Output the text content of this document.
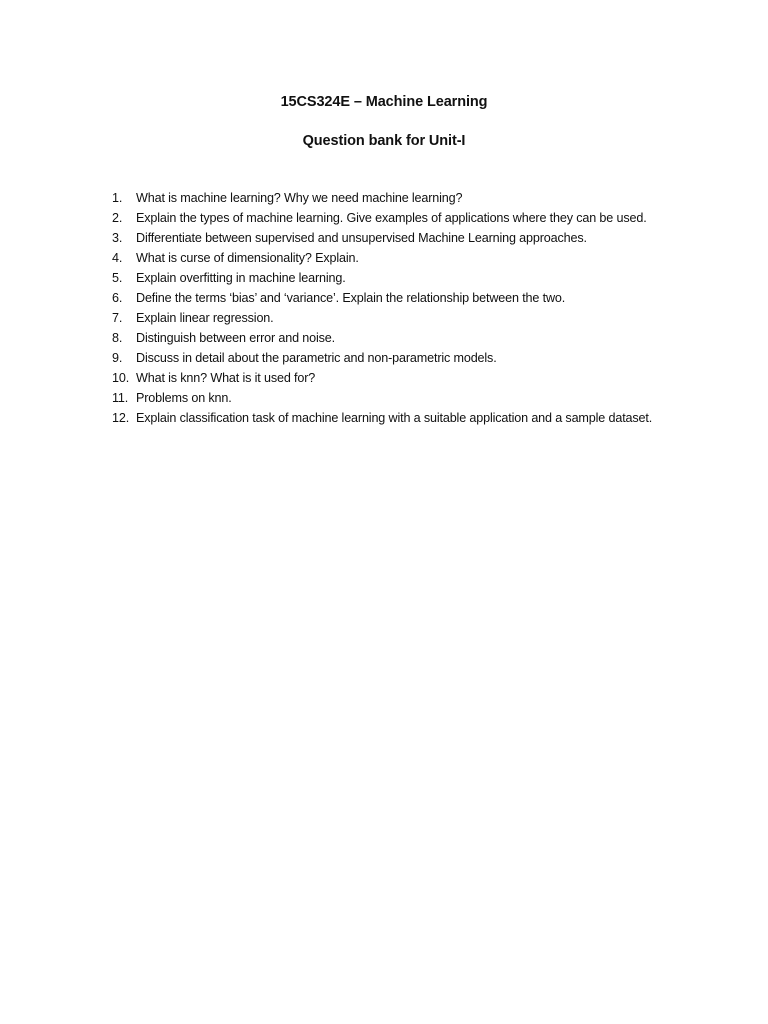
15CS324E – Machine Learning
Question bank for Unit-I
1.	What is machine learning? Why we need machine learning?
2.	Explain the types of machine learning. Give examples of applications where they can be used.
3.	Differentiate between supervised and unsupervised Machine Learning approaches.
4.	What is curse of dimensionality? Explain.
5.	Explain overfitting in machine learning.
6.	Define the terms ‘bias’ and ‘variance’. Explain the relationship between the two.
7.	Explain linear regression.
8.	Distinguish between error and noise.
9.	Discuss in detail about the parametric and non-parametric models.
10. What is knn? What is it used for?
11. Problems on knn.
12. Explain classification task of machine learning with a suitable application and a sample dataset.
